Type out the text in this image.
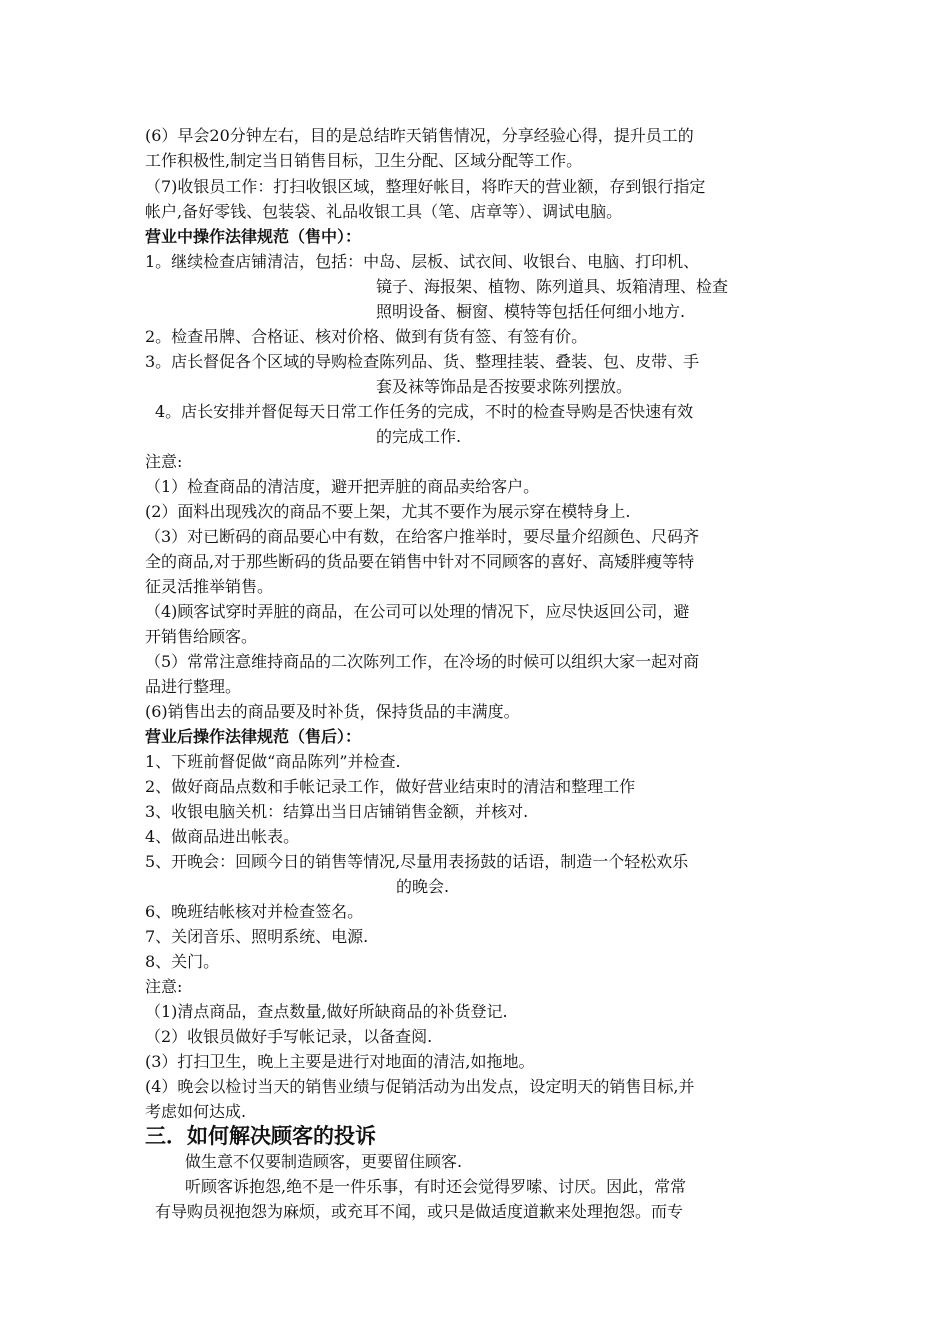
(6）早会20分钟左右，目的是总结昨天销售情况，分享经验心得，提升员工的
工作积极性,制定当日销售目标，卫生分配、区域分配等工作。
（7)收银员工作：打扫收银区域，整理好帐目，将昨天的营业额，存到银行指定
帐户,备好零钱、包装袋、礼品收银工具（笔、店章等）、调试电脑。
营业中操作法律规范（售中）：
1。继续检查店铺清洁，包括：中岛、层板、试衣间、收银台、电脑、打印机、
镜子、海报架、植物、陈列道具、坂箱清理、检查
照明设备、橱窗、模特等包括任何细小地方.
2。检查吊牌、合格证、核对价格、做到有货有签、有签有价。
3。店长督促各个区域的导购检查陈列品、货、整理挂装、叠装、包、皮带、手
套及袜等饰品是否按要求陈列摆放。
4。店长安排并督促每天日常工作任务的完成，不时的检查导购是否快速有效
的完成工作.
注意:
（1）检查商品的清洁度，避开把弄脏的商品卖给客户。
(2）面料出现残次的商品不要上架，尤其不要作为展示穿在模特身上.
（3）对已断码的商品要心中有数，在给客户推举时，要尽量介绍颜色、尺码齐
全的商品,对于那些断码的货品要在销售中针对不同顾客的喜好、高矮胖瘦等特
征灵活推举销售。
（4)顾客试穿时弄脏的商品，在公司可以处理的情况下，应尽快返回公司，避
开销售给顾客。
（5）常常注意维持商品的二次陈列工作，在冷场的时候可以组织大家一起对商
品进行整理。
(6)销售出去的商品要及时补货，保持货品的丰满度。
营业后操作法律规范（售后）：
1、下班前督促做“商品陈列”并检查.
2、做好商品点数和手帐记录工作，做好营业结束时的清洁和整理工作
3、收银电脑关机：结算出当日店铺销售金额，并核对.
4、做商品进出帐表。
5、开晚会：回顾今日的销售等情况,尽量用表扬鼓的话语，制造一个轻松欢乐
的晚会.
6、晚班结帐核对并检查签名。
7、关闭音乐、照明系统、电源.
8、关门。
注意:
（1)清点商品，查点数量,做好所缺商品的补货登记.
（2）收银员做好手写帐记录，以备查阅.
(3）打扫卫生，晚上主要是进行对地面的清洁,如拖地。
(4）晚会以检讨当天的销售业绩与促销活动为出发点，设定明天的销售目标,并
考虑如何达成.
三．如何解决顾客的投诉
做生意不仅要制造顾客，更要留住顾客.
听顾客诉抱怨,绝不是一件乐事，有时还会觉得罗嗦、讨厌。因此，常常
有导购员视抱怨为麻烦，或充耳不闻，或只是做适度道歉来处理抱怨。而专
